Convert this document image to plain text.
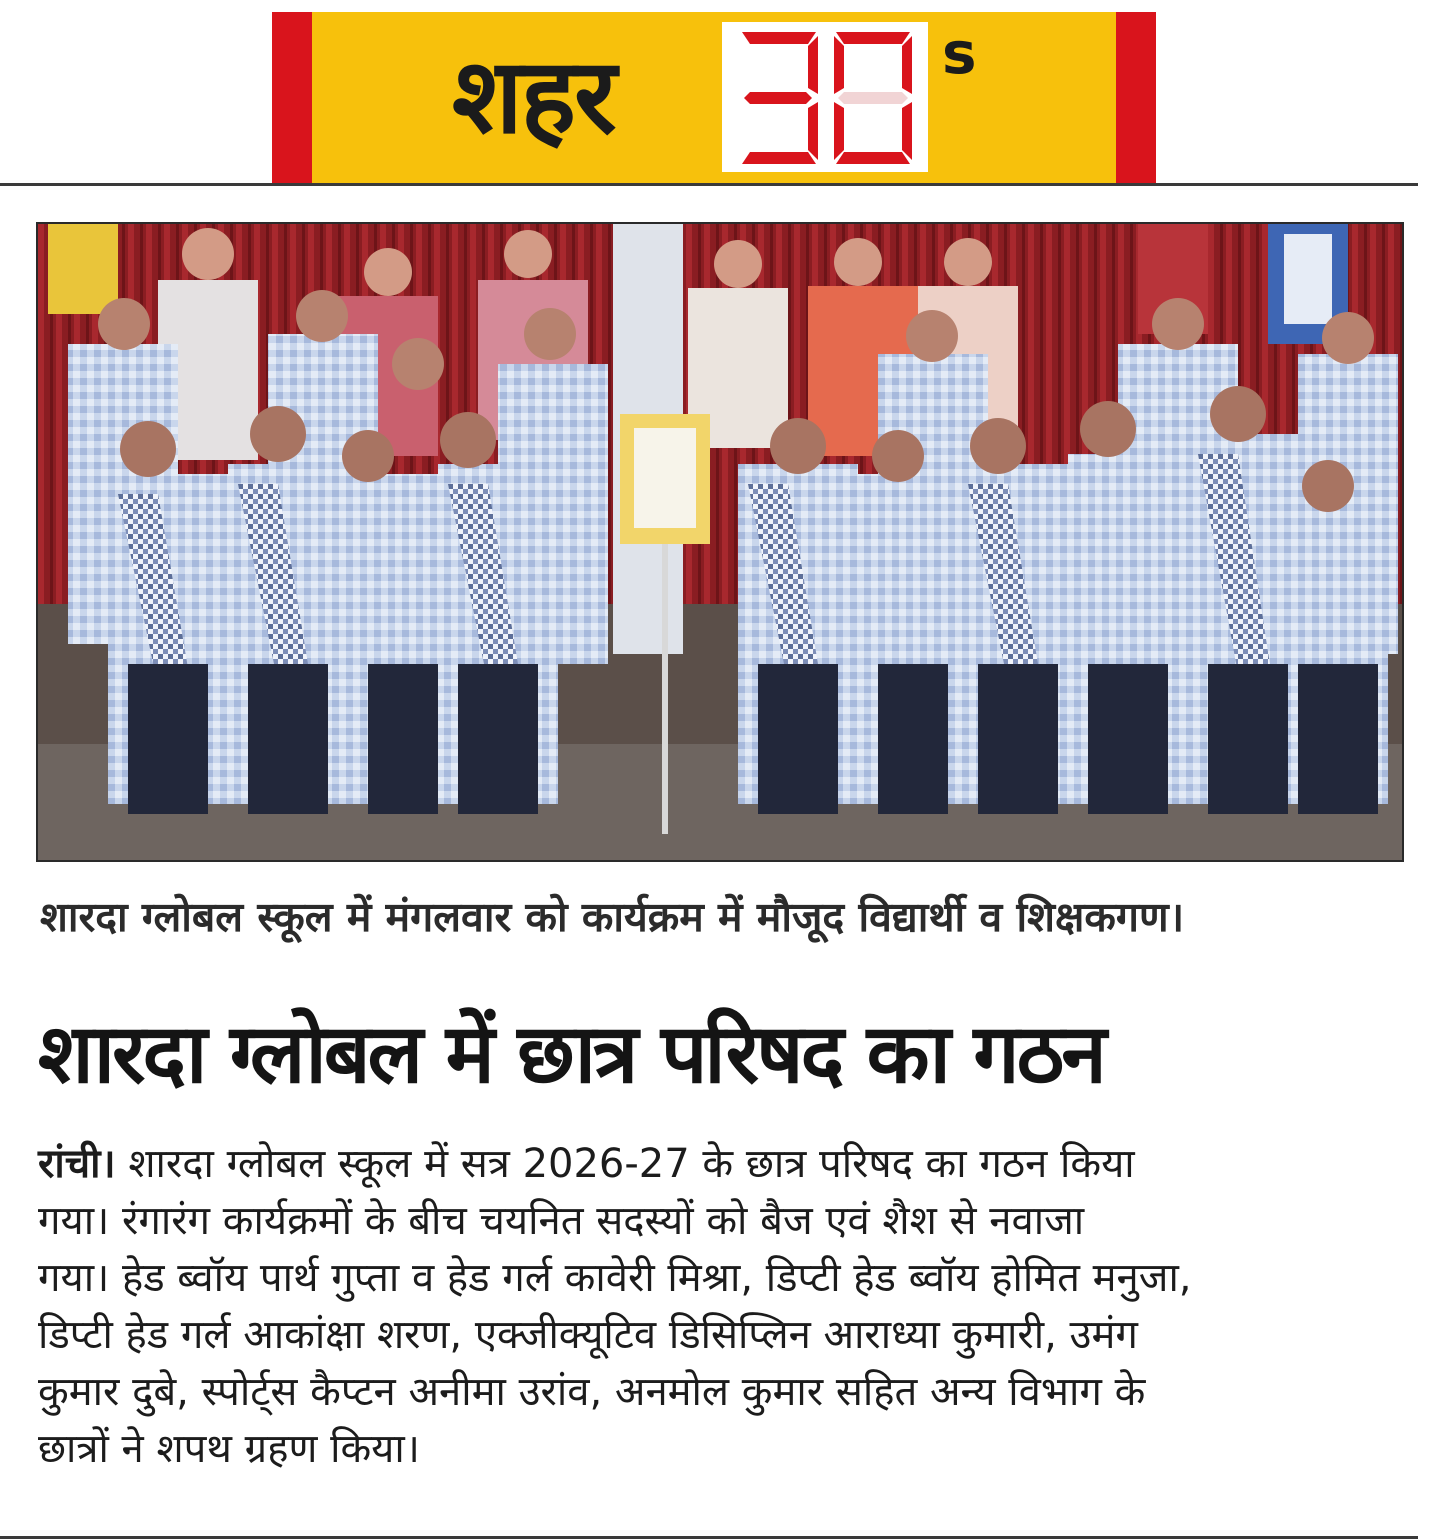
शहर	s
शारदा ग्लोबल स्कूल में मंगलवार को कार्यक्रम में मौजूद विद्यार्थी व शिक्षकगण।
शारदा ग्लोबल में छात्र परिषद का गठन
रांची। शारदा ग्लोबल स्कूल में सत्र 2026-27 के छात्र परिषद का गठन किया
गया। रंगारंग कार्यक्रमों के बीच चयनित सदस्यों को बैज एवं शैश से नवाजा
गया। हेड ब्वॉय पार्थ गुप्ता व हेड गर्ल कावेरी मिश्रा, डिप्टी हेड ब्वॉय होमित मनुजा,
डिप्टी हेड गर्ल आकांक्षा शरण, एक्जीक्यूटिव डिसिप्लिन आराध्या कुमारी, उमंग
कुमार दुबे, स्पोर्ट्स कैप्टन अनीमा उरांव, अनमोल कुमार सहित अन्य विभाग के
छात्रों ने शपथ ग्रहण किया।
